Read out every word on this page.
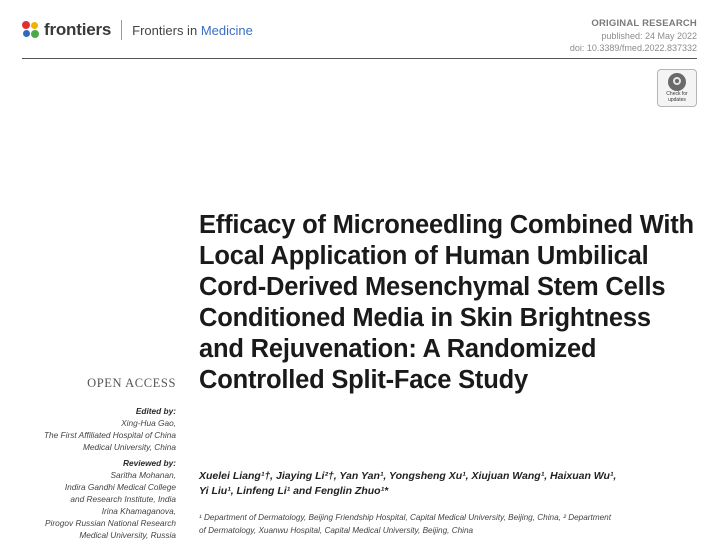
frontiers Frontiers in Medicine	ORIGINAL RESEARCH
published: 24 May 2022
doi: 10.3389/fmed.2022.837332
Check for
updates
OPEN ACCESS
Edited by:
Xing-Hua Gao,
The First Affiliated Hospital of China
Medical University, China
Reviewed by:
Saritha Mohanan,
Indira Gandhi Medical College
and Research Institute, India
Irina Khamaganova,
Pirogov Russian National Research
Medical University, Russia
Efficacy of Microneedling Combined With Local Application of Human Umbilical Cord-Derived Mesenchymal Stem Cells Conditioned Media in Skin Brightness and Rejuvenation: A Randomized Controlled Split-Face Study
Xuelei Liang¹†, Jiaying Li²†, Yan Yan¹, Yongsheng Xu¹, Xiujuan Wang¹, Haixuan Wu¹,
Yi Liu¹, Linfeng Li¹ and Fenglin Zhuo¹*
¹ Department of Dermatology, Beijing Friendship Hospital, Capital Medical University, Beijing, China, ² Department
of Dermatology, Xuanwu Hospital, Capital Medical University, Beijing, China
